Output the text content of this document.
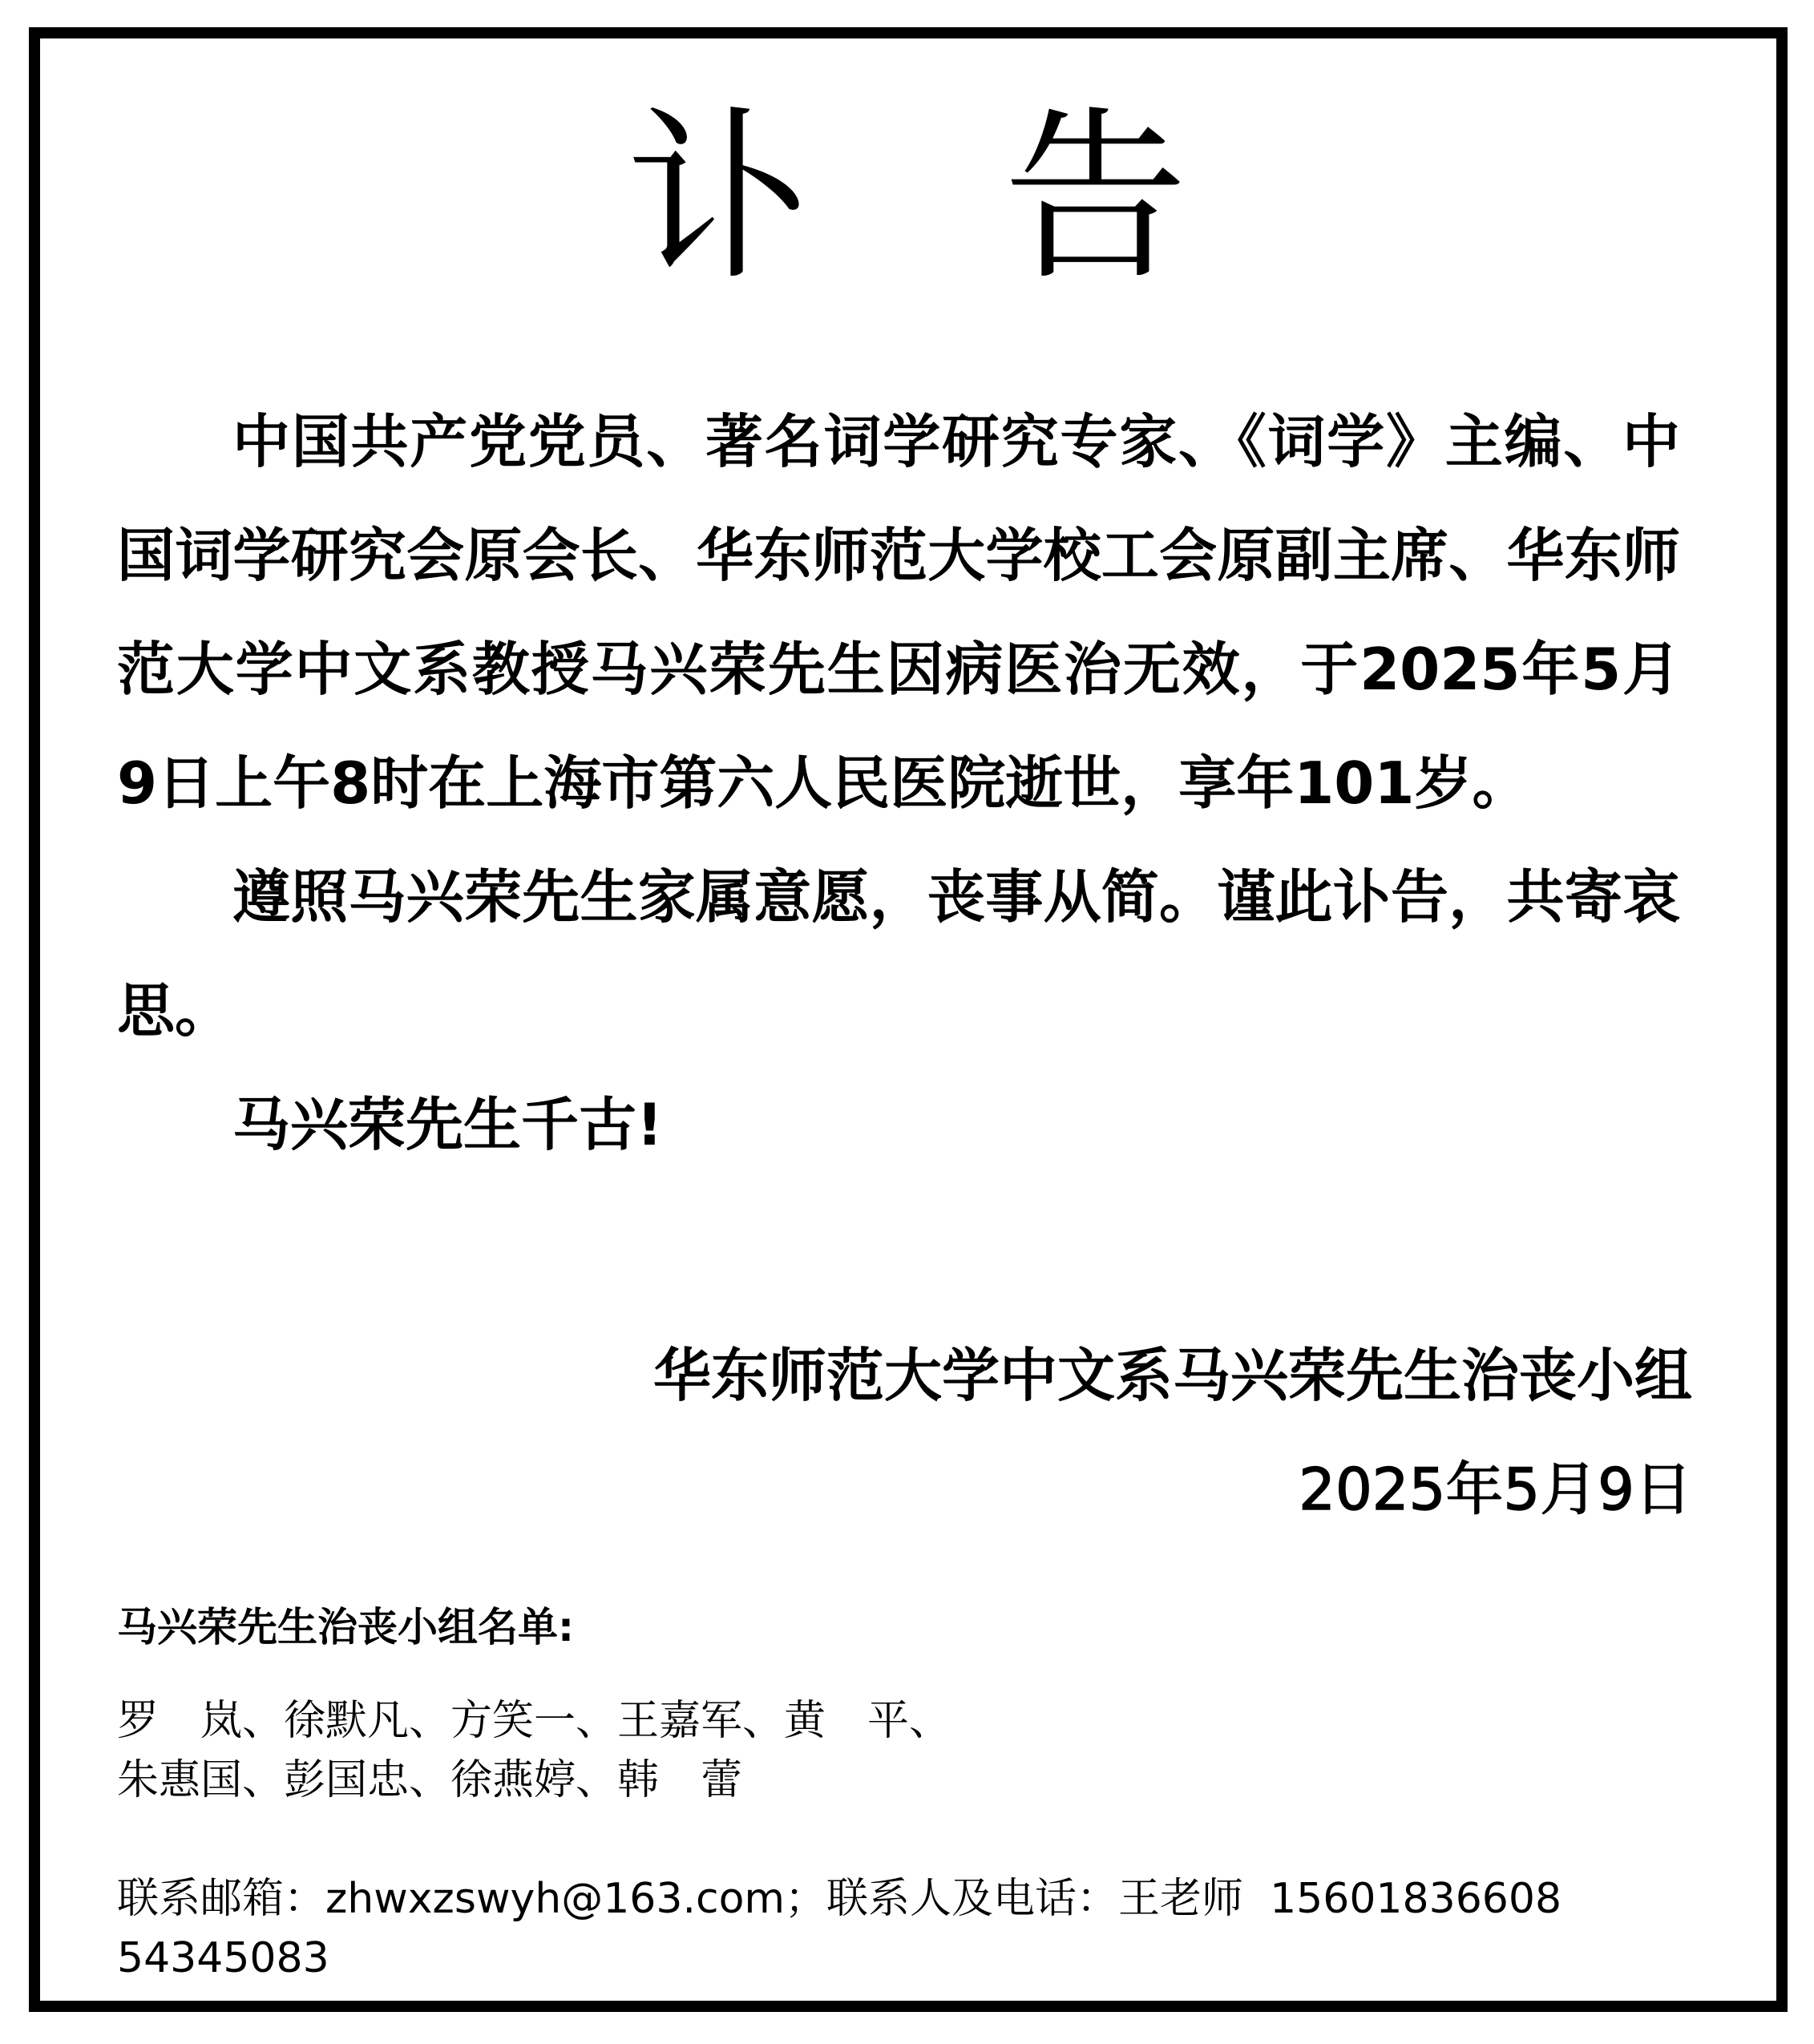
讣 告

中国共产党党员、著名词学研究专家、《词学》主编、中国词学研究会原会长、华东师范大学校工会原副主席、华东师范大学中文系教授马兴荣先生因病医治无效，于2025年5月9日上午8时在上海市第六人民医院逝世，享年101岁。

遵照马兴荣先生家属意愿，丧事从简。谨此讣告，共寄哀思。

马兴荣先生千古!

华东师范大学中文系马兴荣先生治丧小组
2025年5月9日
马兴荣先生治丧小组名单:
罗　岚、徐默凡、方笑一、王嘉军、黄　平、
朱惠国、彭国忠、徐燕婷、韩　蕾
联系邮箱：zhwxzswyh@163.com；联系人及电话：王老师  15601836608
54345083
